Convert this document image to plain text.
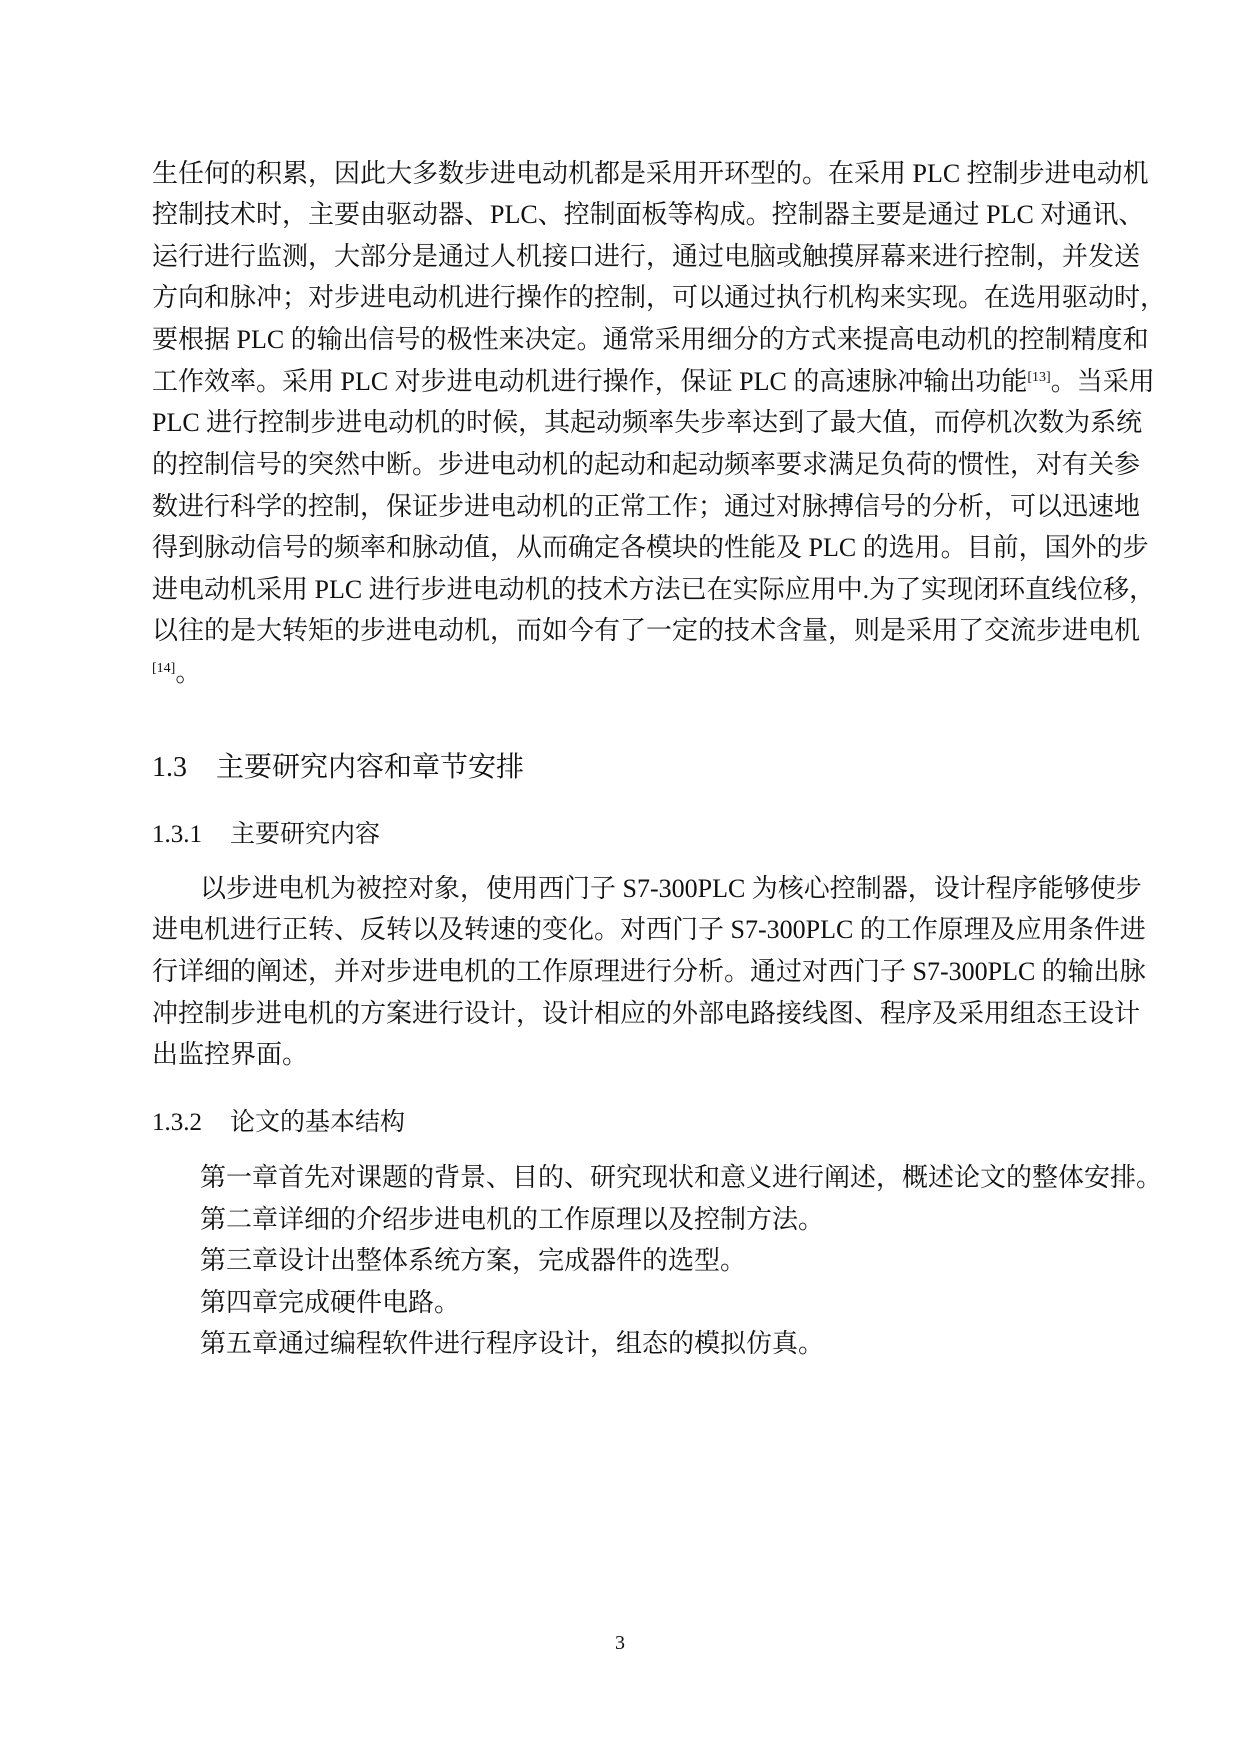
生任何的积累，因此大多数步进电动机都是采用开环型的。在采用 PLC 控制步进电动机
控制技术时，主要由驱动器、PLC、控制面板等构成。控制器主要是通过 PLC 对通讯、
运行进行监测，大部分是通过人机接口进行，通过电脑或触摸屏幕来进行控制，并发送
方向和脉冲；对步进电动机进行操作的控制，可以通过执行机构来实现。在选用驱动时，
要根据 PLC 的输出信号的极性来决定。通常采用细分的方式来提高电动机的控制精度和
工作效率。采用 PLC 对步进电动机进行操作，保证 PLC 的高速脉冲输出功能[13]。当采用
PLC 进行控制步进电动机的时候，其起动频率失步率达到了最大值，而停机次数为系统
的控制信号的突然中断。步进电动机的起动和起动频率要求满足负荷的惯性，对有关参
数进行科学的控制，保证步进电动机的正常工作；通过对脉搏信号的分析，可以迅速地
得到脉动信号的频率和脉动值，从而确定各模块的性能及 PLC 的选用。目前，国外的步
进电动机采用 PLC 进行步进电动机的技术方法已在实际应用中.为了实现闭环直线位移，
以往的是大转矩的步进电动机，而如今有了一定的技术含量，则是采用了交流步进电机
[14]。
1.3 主要研究内容和章节安排
1.3.1 主要研究内容
以步进电机为被控对象，使用西门子 S7-300PLC 为核心控制器，设计程序能够使步
进电机进行正转、反转以及转速的变化。对西门子 S7-300PLC 的工作原理及应用条件进
行详细的阐述，并对步进电机的工作原理进行分析。通过对西门子 S7-300PLC 的输出脉
冲控制步进电机的方案进行设计，设计相应的外部电路接线图、程序及采用组态王设计
出监控界面。
1.3.2 论文的基本结构
第一章首先对课题的背景、目的、研究现状和意义进行阐述，概述论文的整体安排。
第二章详细的介绍步进电机的工作原理以及控制方法。
第三章设计出整体系统方案，完成器件的选型。
第四章完成硬件电路。
第五章通过编程软件进行程序设计，组态的模拟仿真。
3
